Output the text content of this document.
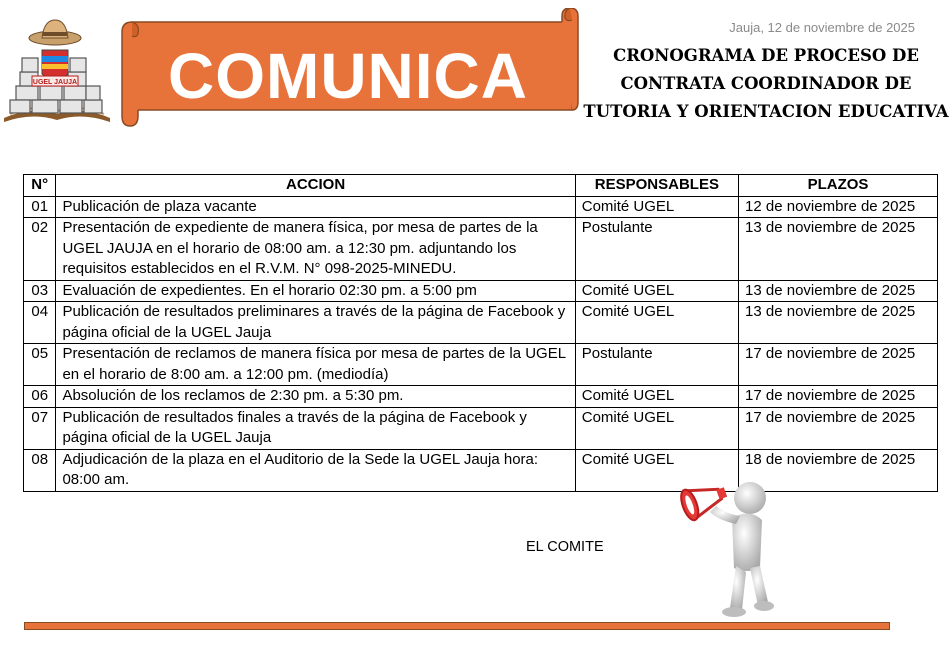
UGEL JAUJA	COMUNICA
Jauja, 12 de noviembre de 2025
CRONOGRAMA DE PROCESO DE
CONTRATA COORDINADOR DE
TUTORIA Y ORIENTACION EDUCATIVA
N°	ACCION	RESPONSABLES	PLAZOS
01	Publicación de plaza vacante	Comité UGEL	12 de noviembre de 2025
02	Presentación de expediente de manera física, por mesa de partes de la UGEL JAUJA en el horario de 08:00 am. a 12:30 pm. adjuntando los requisitos establecidos en el R.V.M. N° 098-2025-MINEDU.	Postulante	13 de noviembre de 2025
03	Evaluación de expedientes. En el horario 02:30 pm. a 5:00 pm	Comité UGEL	13 de noviembre de 2025
04	Publicación de resultados preliminares a través de la página de Facebook y página oficial de la UGEL Jauja	Comité UGEL	13 de noviembre de 2025
05	Presentación de reclamos de manera física por mesa de partes de la UGEL en el horario de 8:00 am. a 12:00 pm. (mediodía)	Postulante	17 de noviembre de 2025
06	Absolución de los reclamos de 2:30 pm. a 5:30 pm.	Comité UGEL	17 de noviembre de 2025
07	Publicación de resultados finales a través de la página de Facebook y página oficial de la UGEL Jauja	Comité UGEL	17 de noviembre de 2025
08	Adjudicación de la plaza en el Auditorio de la Sede la UGEL Jauja hora: 08:00 am.	Comité UGEL	18 de noviembre de 2025
EL COMITE
